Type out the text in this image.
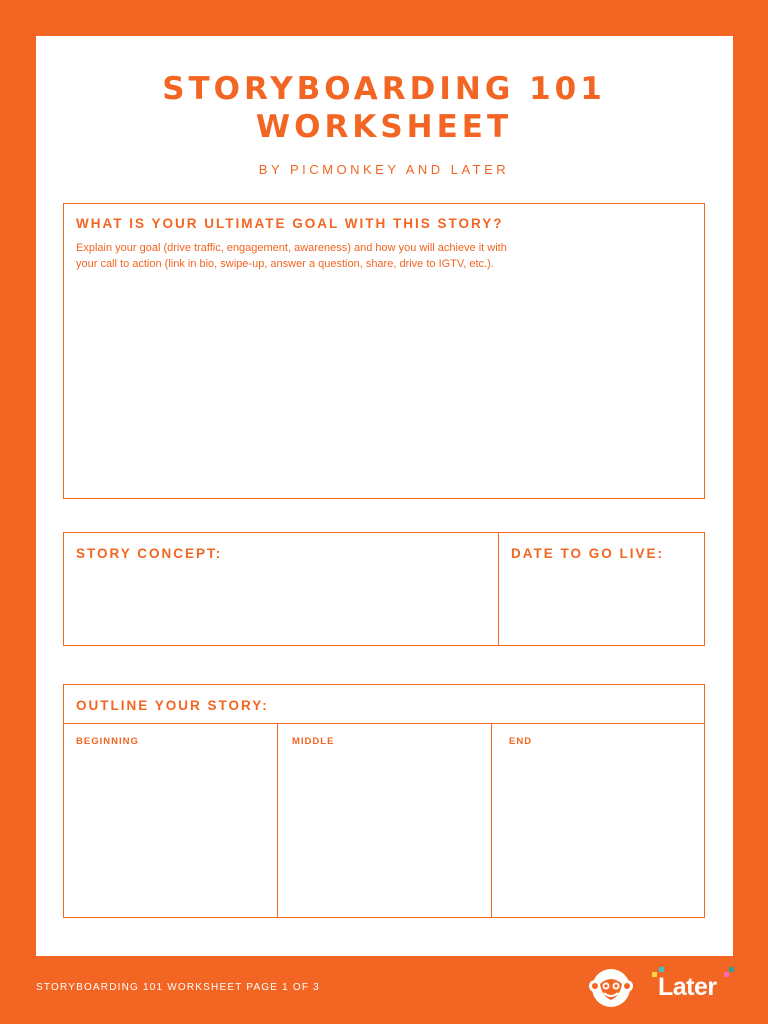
STORYBOARDING 101
WORKSHEET
BY PICMONKEY AND LATER
WHAT IS YOUR ULTIMATE GOAL WITH THIS STORY?
Explain your goal (drive traffic, engagement, awareness) and how you will achieve it with
your call to action (link in bio, swipe-up, answer a question, share, drive to IGTV, etc.).
STORY CONCEPT:	DATE TO GO LIVE:
OUTLINE YOUR STORY:
BEGINNING	MIDDLE	END
STORYBOARDING 101 WORKSHEET PAGE 1 OF 3	Later
